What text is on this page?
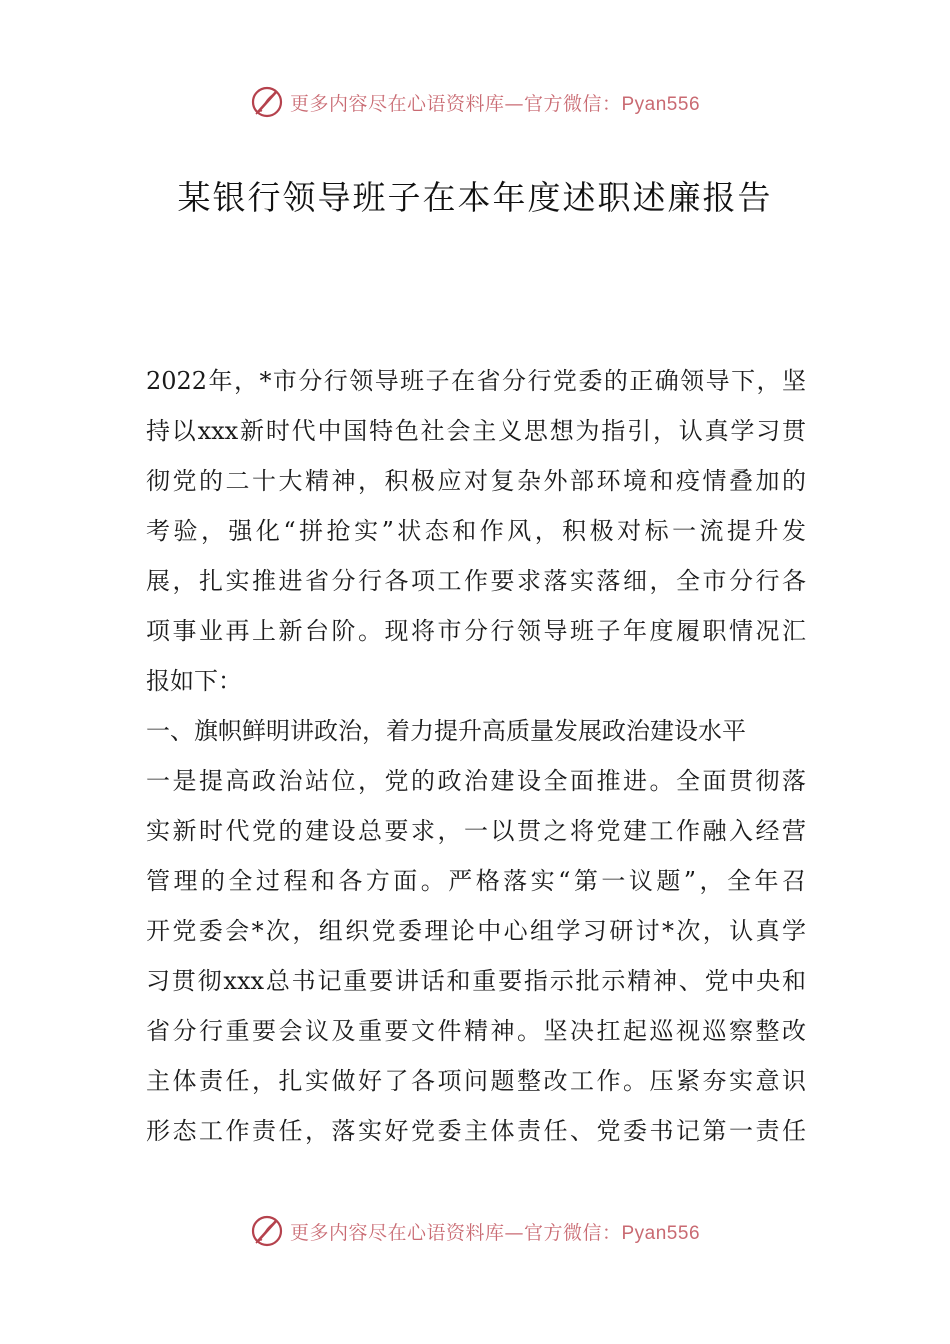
更多内容尽在心语资料库—官方微信：Pyan556
某银行领导班子在本年度述职述廉报告
2022年，*市分行领导班子在省分行党委的正确领导下，坚
持以xxx新时代中国特色社会主义思想为指引，认真学习贯
彻党的二十大精神，积极应对复杂外部环境和疫情叠加的
考验，强化“拼抢实”状态和作风，积极对标一流提升发
展，扎实推进省分行各项工作要求落实落细，全市分行各
项事业再上新台阶。现将市分行领导班子年度履职情况汇
报如下：
一、旗帜鲜明讲政治，着力提升高质量发展政治建设水平
一是提高政治站位，党的政治建设全面推进。全面贯彻落
实新时代党的建设总要求，一以贯之将党建工作融入经营
管理的全过程和各方面。严格落实“第一议题”，全年召
开党委会*次，组织党委理论中心组学习研讨*次，认真学
习贯彻xxx总书记重要讲话和重要指示批示精神、党中央和
省分行重要会议及重要文件精神。坚决扛起巡视巡察整改
主体责任，扎实做好了各项问题整改工作。压紧夯实意识
形态工作责任，落实好党委主体责任、党委书记第一责任
更多内容尽在心语资料库—官方微信：Pyan556
